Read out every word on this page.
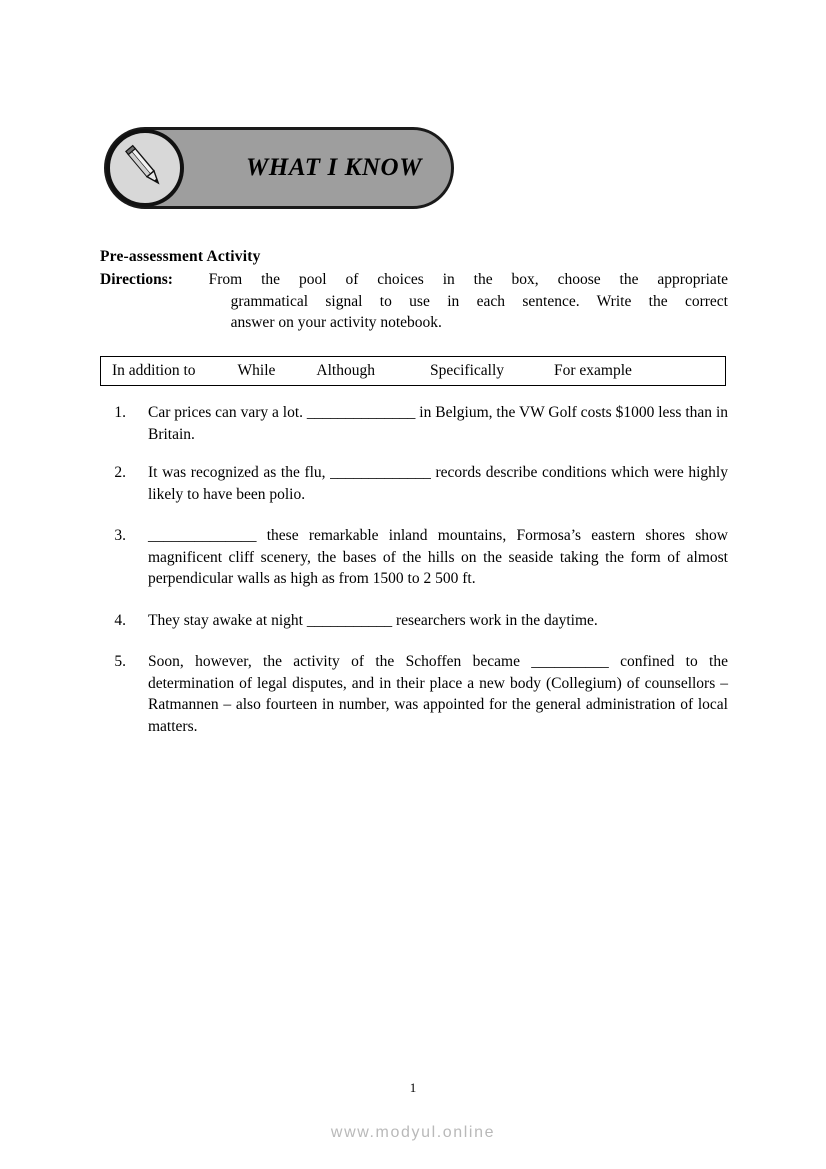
WHAT I KNOW
Pre-assessment Activity
Directions:	From the pool of choices in the box, choose the appropriate
grammatical signal to use in each sentence. Write the correct
answer on your activity notebook.
In addition to	While	Although	Specifically	For example
1.	Car prices can vary a lot. ______________ in Belgium, the VW Golf costs $1000 less than in Britain.
2.	It was recognized as the flu, _____________ records describe conditions which were highly likely to have been polio.
3.	______________ these remarkable inland mountains, Formosa’s eastern shores show magnificent cliff scenery, the bases of the hills on the seaside taking the form of almost perpendicular walls as high as from 1500 to 2 500 ft.
4.	They stay awake at night ___________ researchers work in the daytime.
5.	Soon, however, the activity of the Schoffen became __________ confined to the determination of legal disputes, and in their place a new body (Collegium) of counsellors – Ratmannen – also fourteen in number, was appointed for the general administration of local matters.
1
www.modyul.online
